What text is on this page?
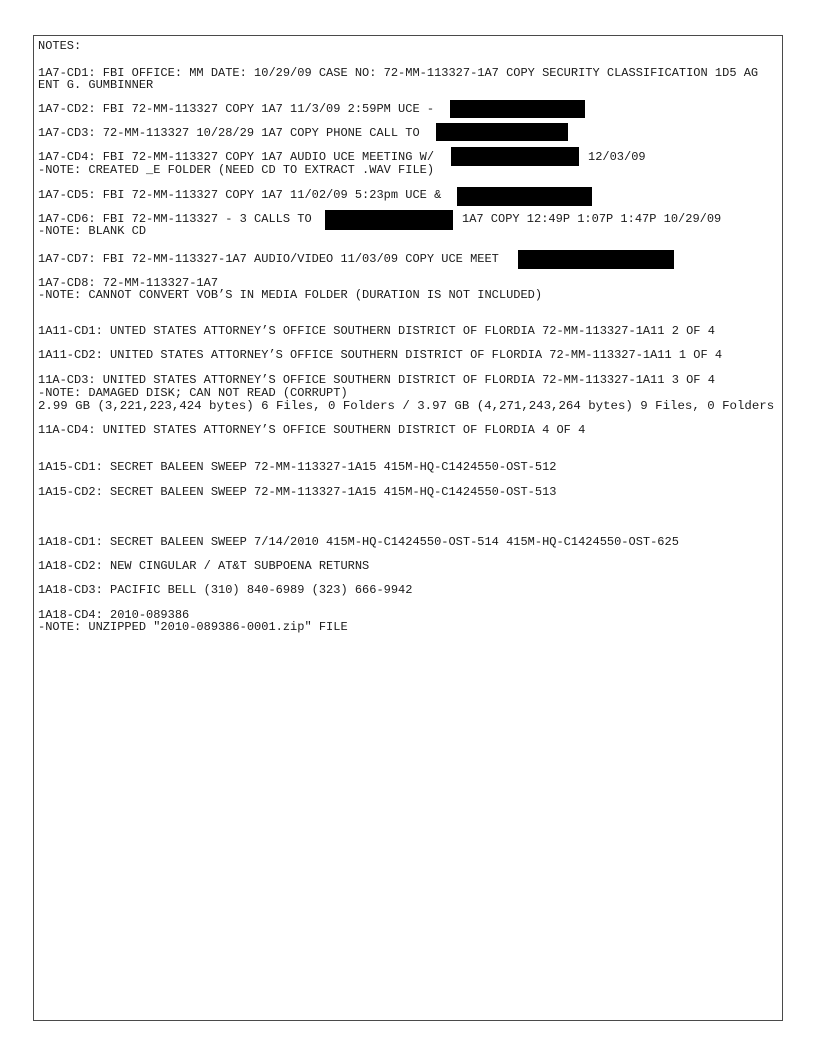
NOTES:
1A7-CD1: FBI OFFICE: MM DATE: 10/29/09 CASE NO: 72-MM-113327-1A7 COPY SECURITY CLASSIFICATION 1D5 AG
ENT G. GUMBINNER
1A7-CD2: FBI 72-MM-113327 COPY 1A7 11/3/09 2:59PM UCE -
1A7-CD3: 72-MM-113327 10/28/29 1A7 COPY PHONE CALL TO
1A7-CD4: FBI 72-MM-113327 COPY 1A7 AUDIO UCE MEETING W/	12/03/09
-NOTE: CREATED _E FOLDER (NEED CD TO EXTRACT .WAV FILE)
1A7-CD5: FBI 72-MM-113327 COPY 1A7 11/02/09 5:23pm UCE &
1A7-CD6: FBI 72-MM-113327 - 3 CALLS TO	1A7 COPY 12:49P 1:07P 1:47P 10/29/09
-NOTE: BLANK CD
1A7-CD7: FBI 72-MM-113327-1A7 AUDIO/VIDEO 11/03/09 COPY UCE MEET
1A7-CD8: 72-MM-113327-1A7
-NOTE: CANNOT CONVERT VOB’S IN MEDIA FOLDER (DURATION IS NOT INCLUDED)
1A11-CD1: UNTED STATES ATTORNEY’S OFFICE SOUTHERN DISTRICT OF FLORDIA 72-MM-113327-1A11 2 OF 4
1A11-CD2: UNITED STATES ATTORNEY’S OFFICE SOUTHERN DISTRICT OF FLORDIA 72-MM-113327-1A11 1 OF 4
11A-CD3: UNITED STATES ATTORNEY’S OFFICE SOUTHERN DISTRICT OF FLORDIA 72-MM-113327-1A11 3 OF 4
-NOTE: DAMAGED DISK; CAN NOT READ (CORRUPT)
2.99 GB (3,221,223,424 bytes) 6 Files, 0 Folders / 3.97 GB (4,271,243,264 bytes) 9 Files, 0 Folders
11A-CD4: UNITED STATES ATTORNEY’S OFFICE SOUTHERN DISTRICT OF FLORDIA 4 OF 4
1A15-CD1: SECRET BALEEN SWEEP 72-MM-113327-1A15 415M-HQ-C1424550-OST-512
1A15-CD2: SECRET BALEEN SWEEP 72-MM-113327-1A15 415M-HQ-C1424550-OST-513
1A18-CD1: SECRET BALEEN SWEEP 7/14/2010 415M-HQ-C1424550-OST-514 415M-HQ-C1424550-OST-625
1A18-CD2: NEW CINGULAR / AT&T SUBPOENA RETURNS
1A18-CD3: PACIFIC BELL (310) 840-6989 (323) 666-9942
1A18-CD4: 2010-089386
-NOTE: UNZIPPED "2010-089386-0001.zip" FILE
